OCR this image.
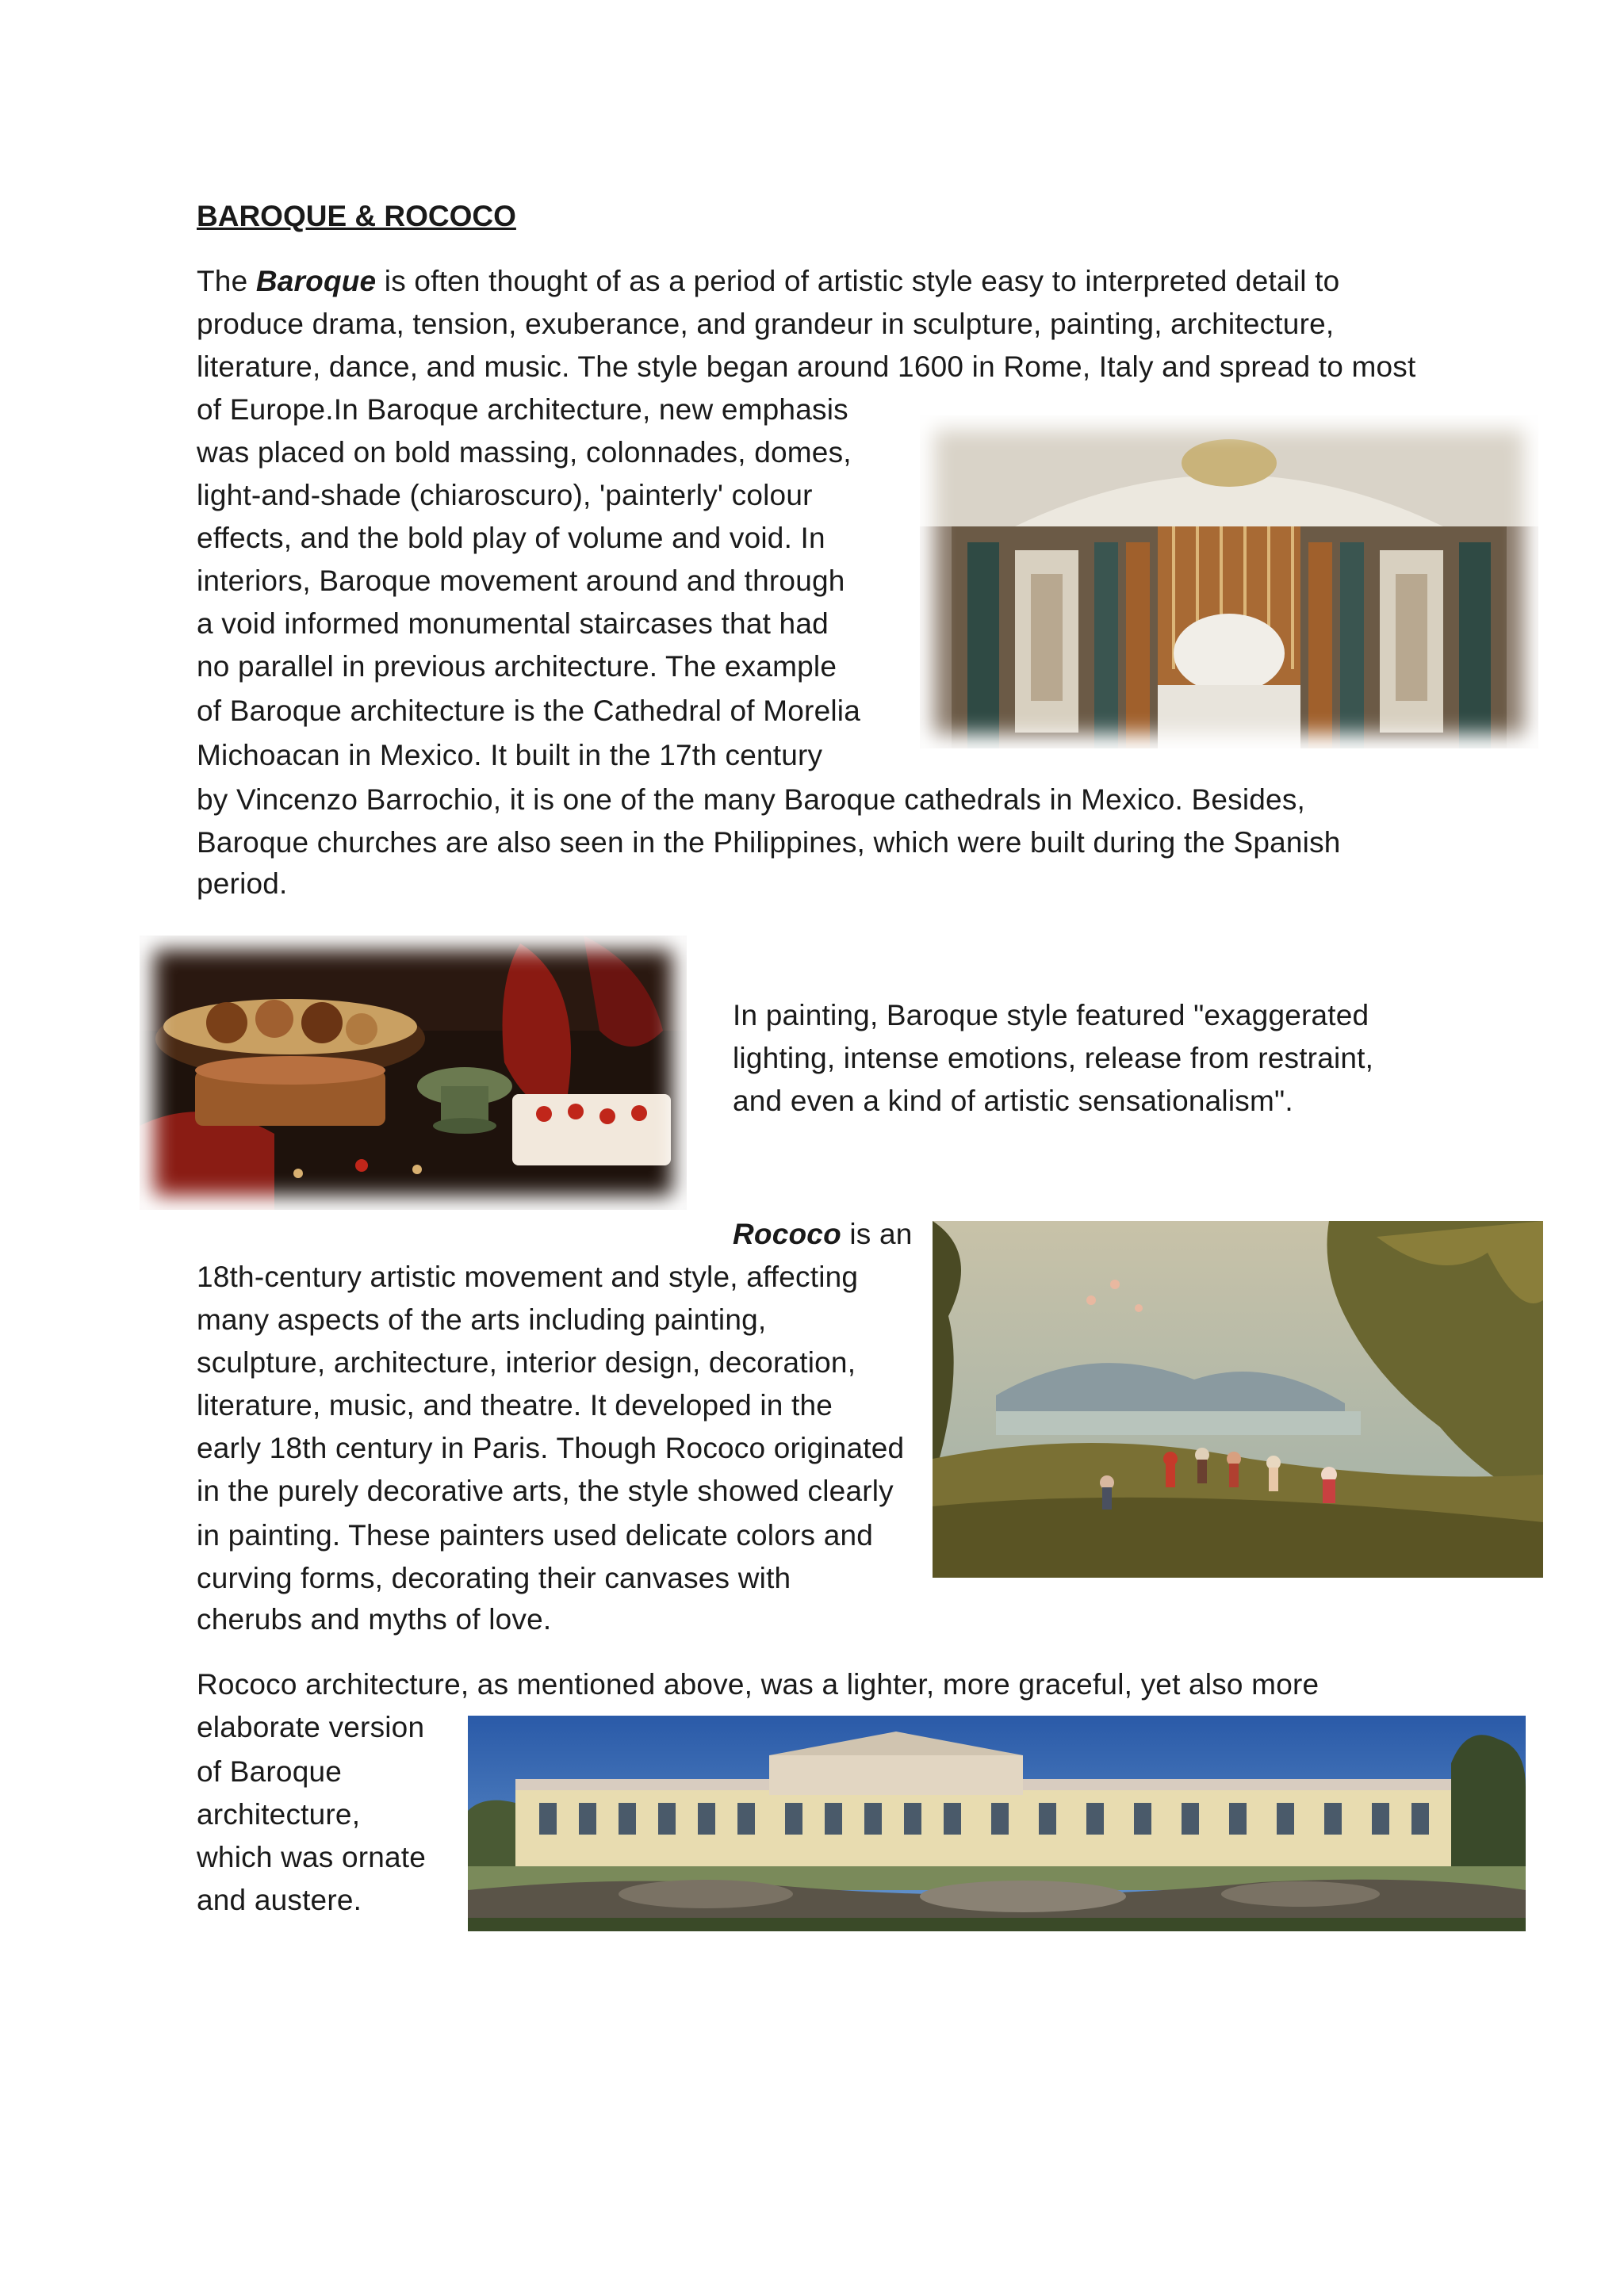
BAROQUE & ROCOCO
The Baroque is often thought of as a period of artistic style easy to interpreted detail to
produce drama, tension, exuberance, and grandeur in sculpture, painting, architecture,
literature, dance, and music. The style began around 1600 in Rome, Italy and spread to most
of Europe.In Baroque architecture, new emphasis
was placed on bold massing, colonnades, domes,
light-and-shade (chiaroscuro), 'painterly' colour
effects, and the bold play of volume and void. In
interiors, Baroque movement around and through
a void informed monumental staircases that had
no parallel in previous architecture. The example
of Baroque architecture is the Cathedral of Morelia
Michoacan in Mexico. It built in the 17th century
by Vincenzo Barrochio, it is one of the many Baroque cathedrals in Mexico. Besides,
Baroque churches are also seen in the Philippines, which were built during the Spanish
period.
In painting, Baroque style featured "exaggerated
lighting, intense emotions, release from restraint,
and even a kind of artistic sensationalism".
Rococo is an
18th-century artistic movement and style, affecting
many aspects of the arts including painting,
sculpture, architecture, interior design, decoration,
literature, music, and theatre. It developed in the
early 18th century in Paris. Though Rococo originated
in the purely decorative arts, the style showed clearly
in painting. These painters used delicate colors and
curving forms, decorating their canvases with
cherubs and myths of love.
Rococo architecture, as mentioned above, was a lighter, more graceful, yet also more
elaborate version
of Baroque
architecture,
which was ornate
and austere.
